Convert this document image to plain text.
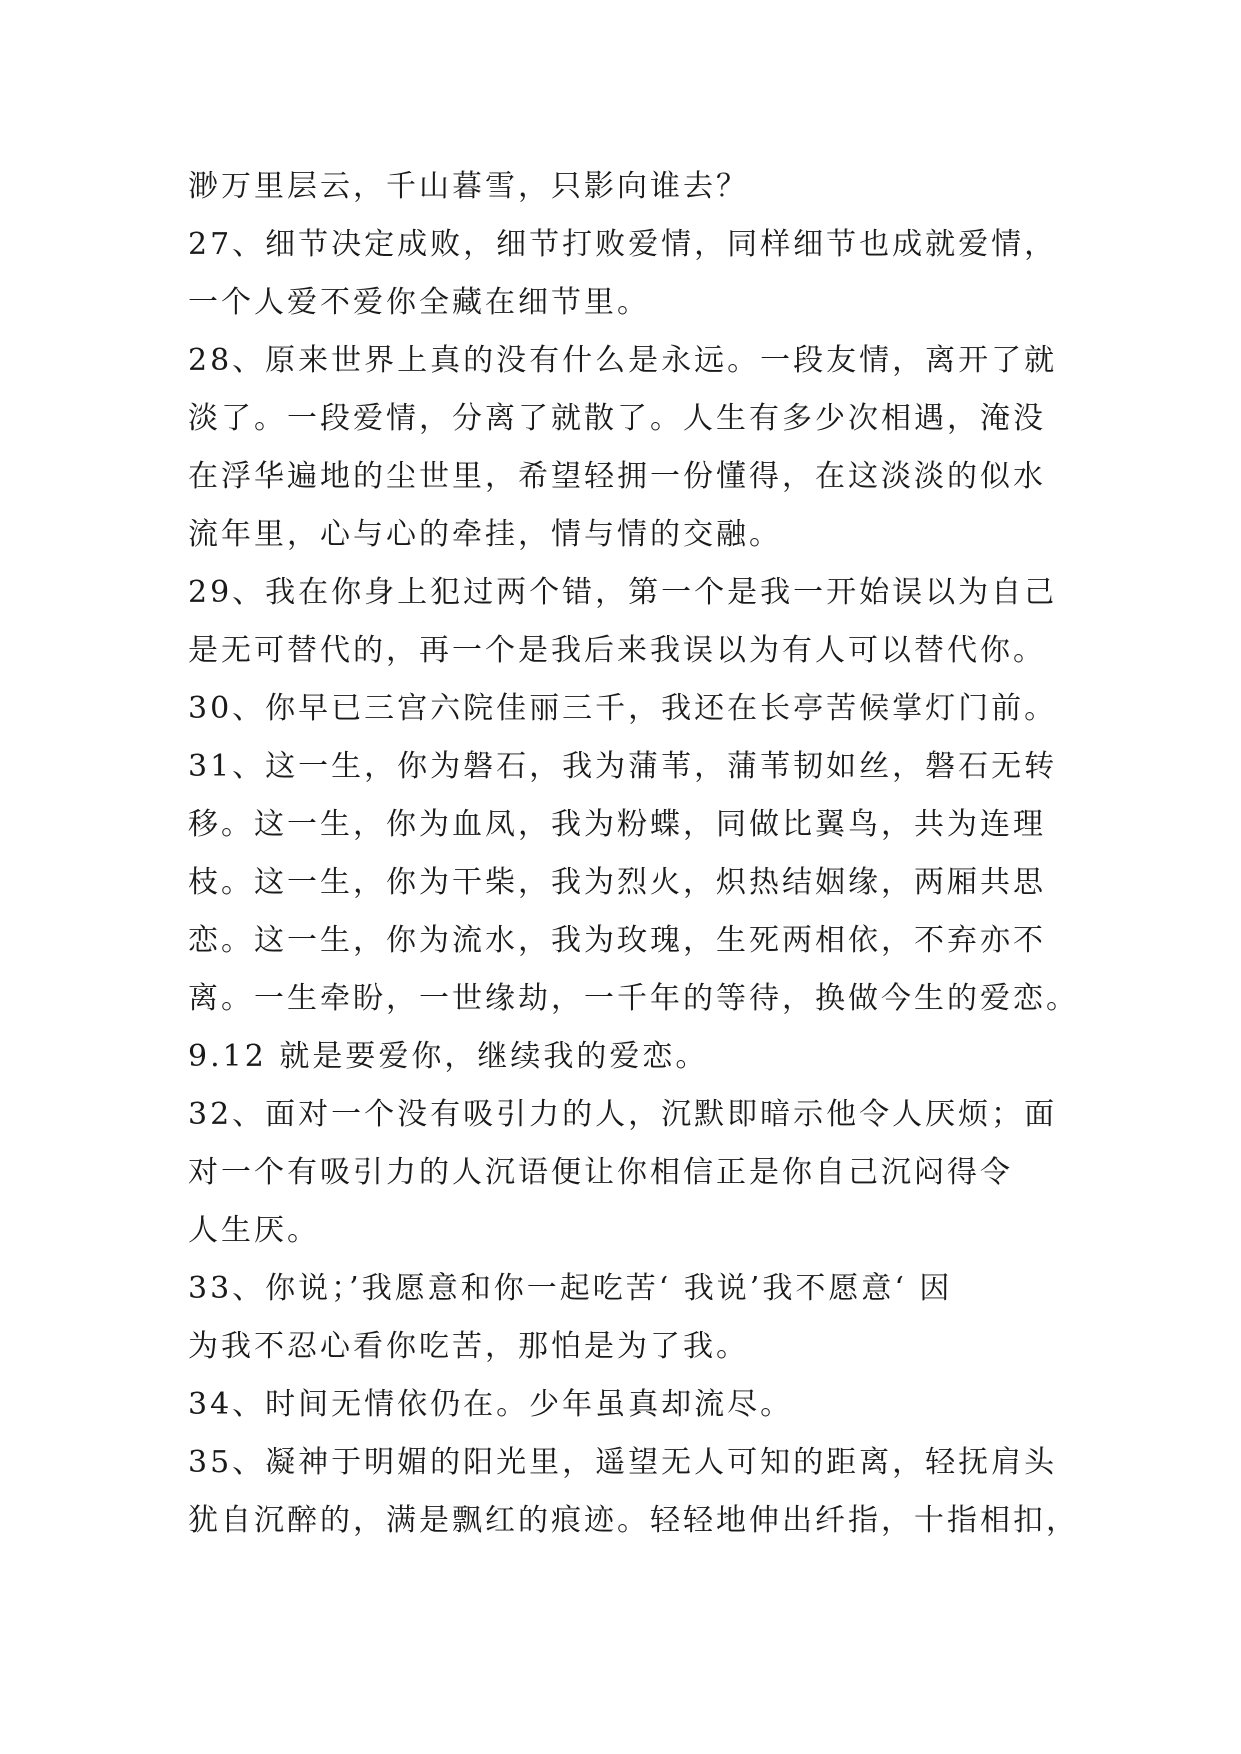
渺万里层云，千山暮雪，只影向谁去？
27、细节决定成败，细节打败爱情，同样细节也成就爱情，
一个人爱不爱你全藏在细节里。
28、原来世界上真的没有什么是永远。一段友情，离开了就
淡了。一段爱情，分离了就散了。人生有多少次相遇，淹没
在浮华遍地的尘世里，希望轻拥一份懂得，在这淡淡的似水
流年里，心与心的牵挂，情与情的交融。
29、我在你身上犯过两个错，第一个是我一开始误以为自己
是无可替代的，再一个是我后来我误以为有人可以替代你。
30、你早已三宫六院佳丽三千，我还在长亭苦候掌灯门前。
31、这一生，你为磐石，我为蒲苇，蒲苇韧如丝，磐石无转
移。这一生，你为血凤，我为粉蝶，同做比翼鸟，共为连理
枝。这一生，你为干柴，我为烈火，炽热结姻缘，两厢共思
恋。这一生，你为流水，我为玫瑰，生死两相依，不弃亦不
离。一生牵盼，一世缘劫，一千年的等待，换做今生的爱恋。
9.12 就是要爱你，继续我的爱恋。
32、面对一个没有吸引力的人，沉默即暗示他令人厌烦；面
对一个有吸引力的人沉语便让你相信正是你自己沉闷得令
人生厌。
33、你说；’我愿意和你一起吃苦‘ 我说’我不愿意‘ 因
为我不忍心看你吃苦，那怕是为了我。
34、时间无情依仍在。少年虽真却流尽。
35、凝神于明媚的阳光里，遥望无人可知的距离，轻抚肩头
犹自沉醉的，满是飘红的痕迹。轻轻地伸出纤指，十指相扣，
